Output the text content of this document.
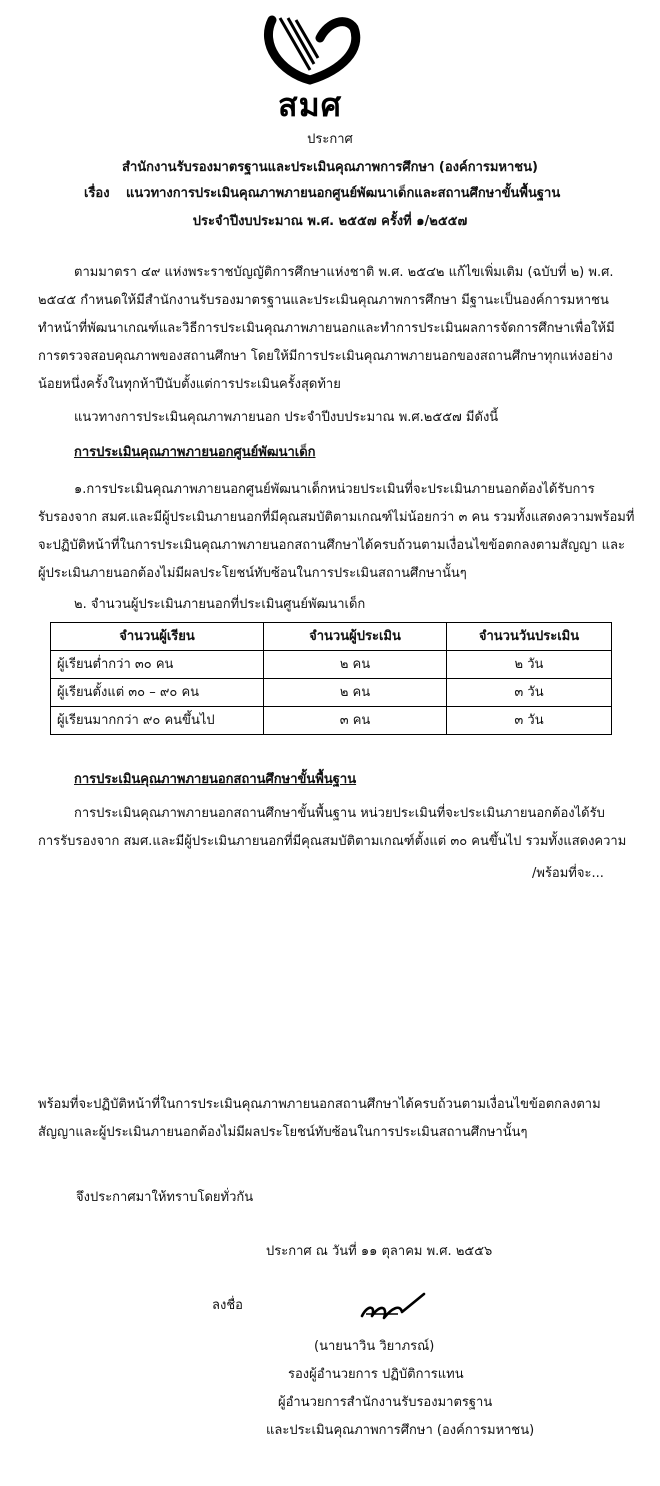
สมศ
ประกาศ
สำนักงานรับรองมาตรฐานและประเมินคุณภาพการศึกษา (องค์การมหาชน)
เรื่อง แนวทางการประเมินคุณภาพภายนอกศูนย์พัฒนาเด็กและสถานศึกษาขั้นพื้นฐาน
ประจำปีงบประมาณ พ.ศ. ๒๕๕๗ ครั้งที่ ๑/๒๕๕๗
ตามมาตรา ๔๙ แห่งพระราชบัญญัติการศึกษาแห่งชาติ พ.ศ. ๒๕๔๒ แก้ไขเพิ่มเติม (ฉบับที่ ๒) พ.ศ.
๒๕๔๕ กำหนดให้มีสำนักงานรับรองมาตรฐานและประเมินคุณภาพการศึกษา มีฐานะเป็นองค์การมหาชน
ทำหน้าที่พัฒนาเกณฑ์และวิธีการประเมินคุณภาพภายนอกและทำการประเมินผลการจัดการศึกษาเพื่อให้มี
การตรวจสอบคุณภาพของสถานศึกษา โดยให้มีการประเมินคุณภาพภายนอกของสถานศึกษาทุกแห่งอย่าง
น้อยหนึ่งครั้งในทุกห้าปีนับตั้งแต่การประเมินครั้งสุดท้าย
แนวทางการประเมินคุณภาพภายนอก ประจำปีงบประมาณ พ.ศ.๒๕๕๗ มีดังนี้
การประเมินคุณภาพภายนอกศูนย์พัฒนาเด็ก
๑.การประเมินคุณภาพภายนอกศูนย์พัฒนาเด็กหน่วยประเมินที่จะประเมินภายนอกต้องได้รับการ
รับรองจาก สมศ.และมีผู้ประเมินภายนอกที่มีคุณสมบัติตามเกณฑ์ไม่น้อยกว่า ๓ คน รวมทั้งแสดงความพร้อมที่
จะปฏิบัติหน้าที่ในการประเมินคุณภาพภายนอกสถานศึกษาได้ครบถ้วนตามเงื่อนไขข้อตกลงตามสัญญา และ
ผู้ประเมินภายนอกต้องไม่มีผลประโยชน์ทับซ้อนในการประเมินสถานศึกษานั้นๆ
๒. จำนวนผู้ประเมินภายนอกที่ประเมินศูนย์พัฒนาเด็ก
จำนวนผู้เรียน	จำนวนผู้ประเมิน	จำนวนวันประเมิน
ผู้เรียนต่ำกว่า ๓๐ คน	๒ คน	๒ วัน
ผู้เรียนตั้งแต่ ๓๐ – ๙๐ คน	๒ คน	๓ วัน
ผู้เรียนมากกว่า ๙๐ คนขึ้นไป	๓ คน	๓ วัน
การประเมินคุณภาพภายนอกสถานศึกษาขั้นพื้นฐาน
การประเมินคุณภาพภายนอกสถานศึกษาขั้นพื้นฐาน หน่วยประเมินที่จะประเมินภายนอกต้องได้รับ
การรับรองจาก สมศ.และมีผู้ประเมินภายนอกที่มีคุณสมบัติตามเกณฑ์ตั้งแต่ ๓๐ คนขึ้นไป รวมทั้งแสดงความ
/พร้อมที่จะ...
พร้อมที่จะปฏิบัติหน้าที่ในการประเมินคุณภาพภายนอกสถานศึกษาได้ครบถ้วนตามเงื่อนไขข้อตกลงตาม
สัญญาและผู้ประเมินภายนอกต้องไม่มีผลประโยชน์ทับซ้อนในการประเมินสถานศึกษานั้นๆ
จึงประกาศมาให้ทราบโดยทั่วกัน
ประกาศ ณ วันที่ ๑๑ ตุลาคม พ.ศ. ๒๕๕๖
ลงชื่อ
(นายนาวิน วิยาภรณ์)
รองผู้อำนวยการ ปฏิบัติการแทน
ผู้อำนวยการสำนักงานรับรองมาตรฐาน
และประเมินคุณภาพการศึกษา (องค์การมหาชน)
